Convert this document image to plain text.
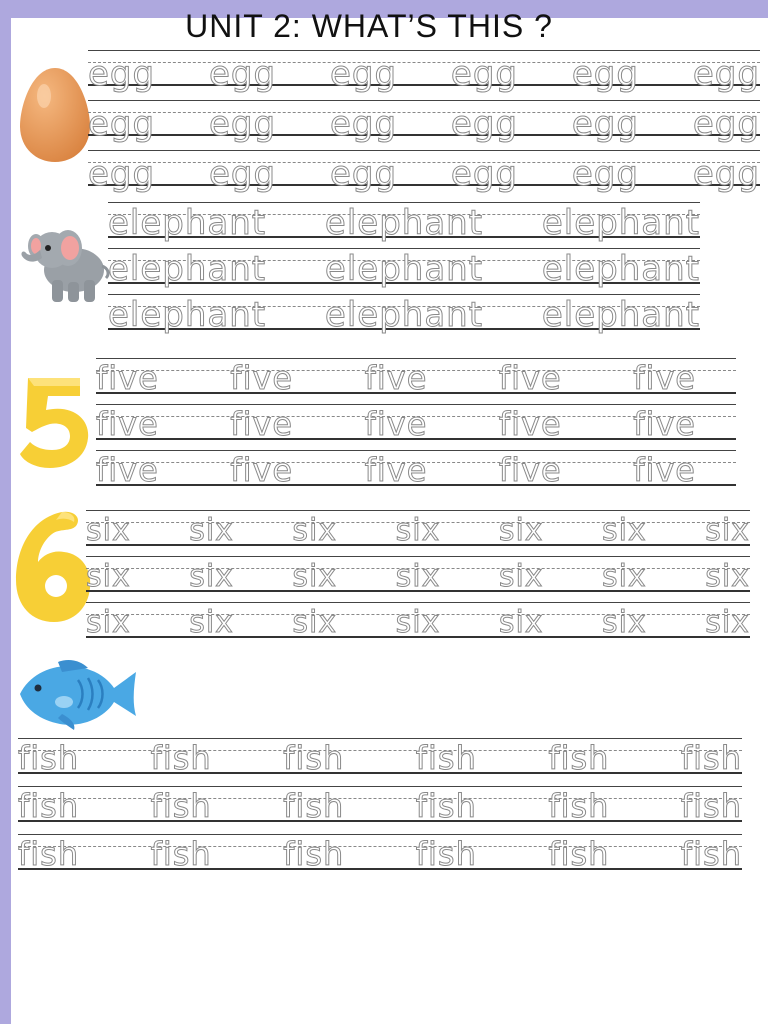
UNIT 2: WHAT’S THIS ?
egg egg egg egg egg egg
egg egg egg egg egg egg
egg egg egg egg egg egg
elephant elephant elephant
elephant elephant elephant
elephant elephant elephant
five five five five five
five five five five five
five five five five five
six six six six six six six
six six six six six six six
six six six six six six six
fish fish fish fish fish fish
fish fish fish fish fish fish
fish fish fish fish fish fish
